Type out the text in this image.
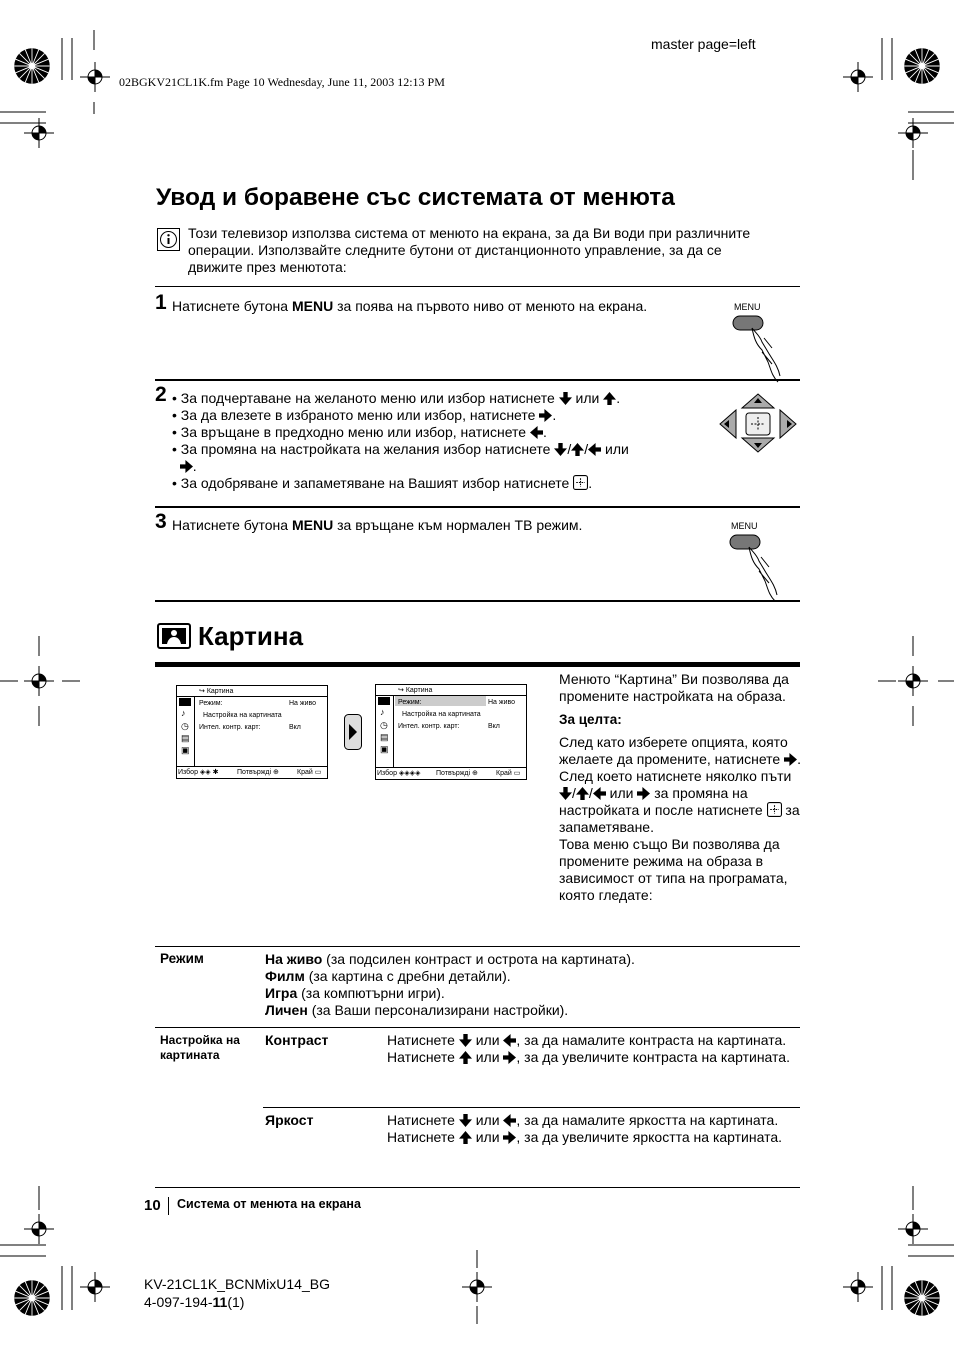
master page=left
02BGKV21CL1K.fm Page 10 Wednesday, June 11, 2003 12:13 PM
Увод и боравене със системата от менюта
Този телевизор използва система от менюто на екрана, за да Ви води при различните операции. Използвайте следните бутони от дистанционното управление, за да се движите през менютота:
1 Натиснете бутона MENU за поява на първото ниво от менюто на екрана.	MENU
2 • За подчертаване на желаното меню или избор натиснете  или .
• За да влезете в избраното меню или избор, натиснете .
• За връщане в предходно меню или избор, натиснете .
• За промяна на настройката на желания избор натиснете / / или
.
• За одобряване и запаметяване на Вашият избор натиснете .
3 Натиснете бутона MENU за връщане към нормален ТВ режим.	MENU
Картина
↪ Картина
♪
◷
▤
▣
Режим:	На живо
Настройка на картината
Интел. контр. карт:	Вкл
Избор ◈◈ ✱	Потвърждi ⊕	Край ▭
↪ Картина
♪
◷
▤
▣
Режим:	На живо
Настройка на картината
Интел. контр. карт:	Вкл
Избор ◈◈◈◈ Потвърждi ⊕	Край ▭
Менюто “Картина” Ви позволява да промените настройката на образа.
За целта:
След като изберете опцията, която желаете да промените, натиснете . След което натиснете няколко пъти / / или за промяна на настройката и после натиснете за запаметяване.
Това меню също Ви позволява да промените режима на образа в зависимост от типа на програмата, която гледате:
Режим	На живо (за подсилен контраст и острота на картината).
Филм (за картина с дребни детайли).
Игра (за компютърни игри).
Личен (за Ваши персонализирани настройки).
Настройка на картината
Контраст	Натиснете или , за да намалите контраста на картината.
Натиснете или , за да увеличите контраста на картината.
Яркост	Натиснете или , за да намалите яркостта на картината.
Натиснете или , за да увеличите яркостта на картината.
10 Система от менюта на екрана
KV-21CL1K_BCNMixU14_BG
4-097-194-11(1)
